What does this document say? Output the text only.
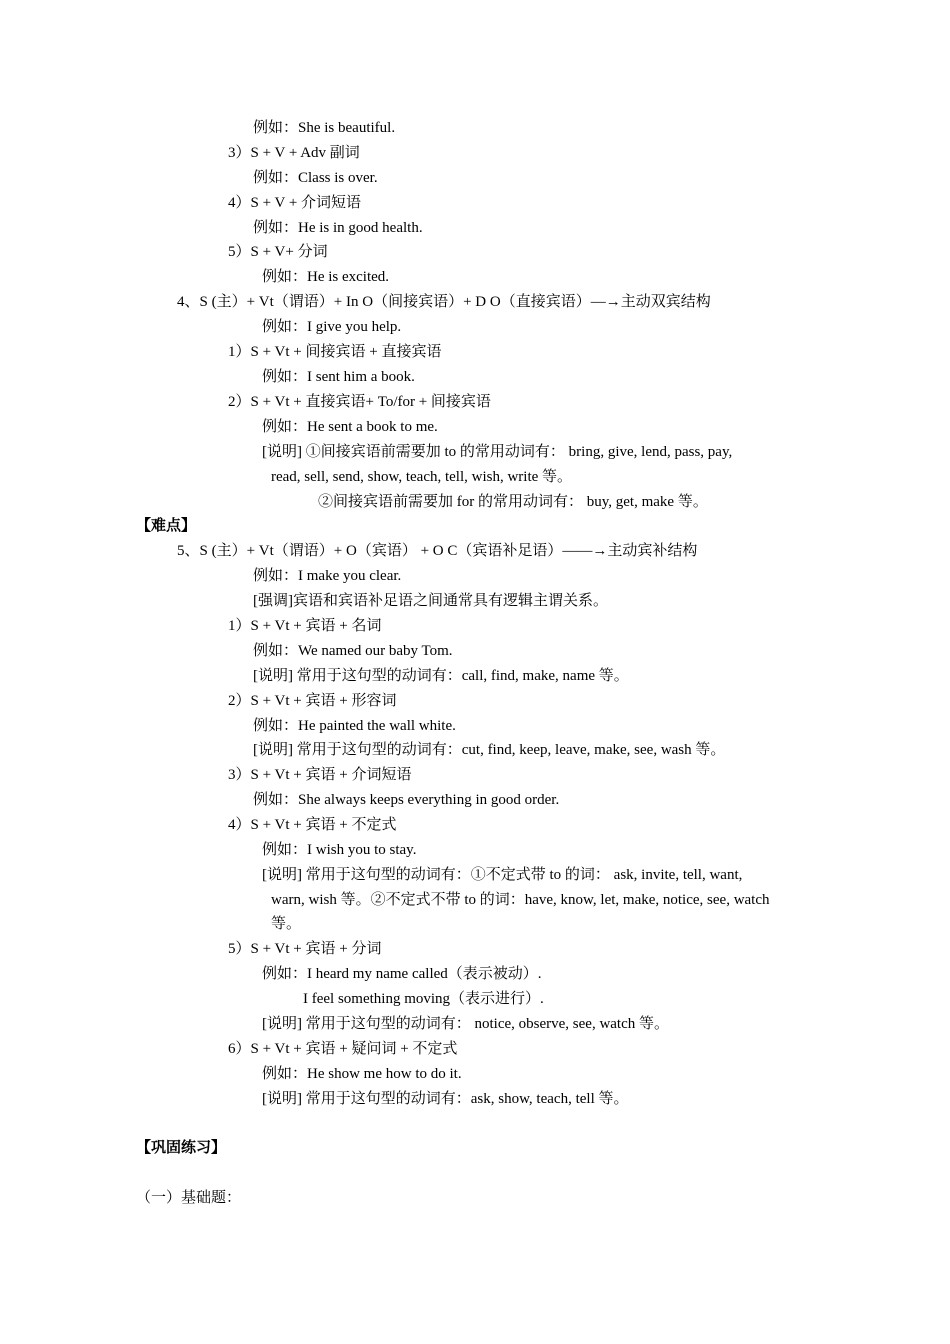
例如：She is beautiful.
3）S + V + Adv 副词
例如：Class is over.
4）S + V + 介词短语
例如：He is in good health.
5）S + V+ 分词
例如：He is excited.
4、S (主）+ Vt（谓语）+ In O（间接宾语）+ D O（直接宾语）—→主动双宾结构
例如：I give you help.
1）S + Vt + 间接宾语 + 直接宾语
例如：I sent him a book.
2）S + Vt + 直接宾语+ To/for + 间接宾语
例如：He sent a book to me.
[说明] ①间接宾语前需要加 to 的常用动词有： bring, give, lend, pass, pay,
read, sell, send, show, teach, tell, wish, write 等。
②间接宾语前需要加 for 的常用动词有： buy, get, make 等。
【难点】
5、S (主）+ Vt（谓语）+ O（宾语） + O C（宾语补足语）——→主动宾补结构
例如：I make you clear.
[强调]宾语和宾语补足语之间通常具有逻辑主谓关系。
1）S + Vt + 宾语 + 名词
例如：We named our baby Tom.
[说明] 常用于这句型的动词有：call, find, make, name 等。
2）S + Vt + 宾语 + 形容词
例如：He painted the wall white.
[说明] 常用于这句型的动词有：cut, find, keep, leave, make, see, wash 等。
3）S + Vt + 宾语 + 介词短语
例如：She always keeps everything in good order.
4）S + Vt + 宾语 + 不定式
例如：I wish you to stay.
[说明] 常用于这句型的动词有：①不定式带 to 的词： ask, invite, tell, want,
warn, wish 等。②不定式不带 to 的词：have, know, let, make, notice, see, watch
等。
5）S + Vt + 宾语 + 分词
例如：I heard my name called（表示被动）.
I feel something moving（表示进行）.
[说明] 常用于这句型的动词有： notice, observe, see, watch 等。
6）S + Vt + 宾语 + 疑问词 + 不定式
例如：He show me how to do it.
[说明] 常用于这句型的动词有：ask, show, teach, tell 等。
【巩固练习】
（一）基础题：
